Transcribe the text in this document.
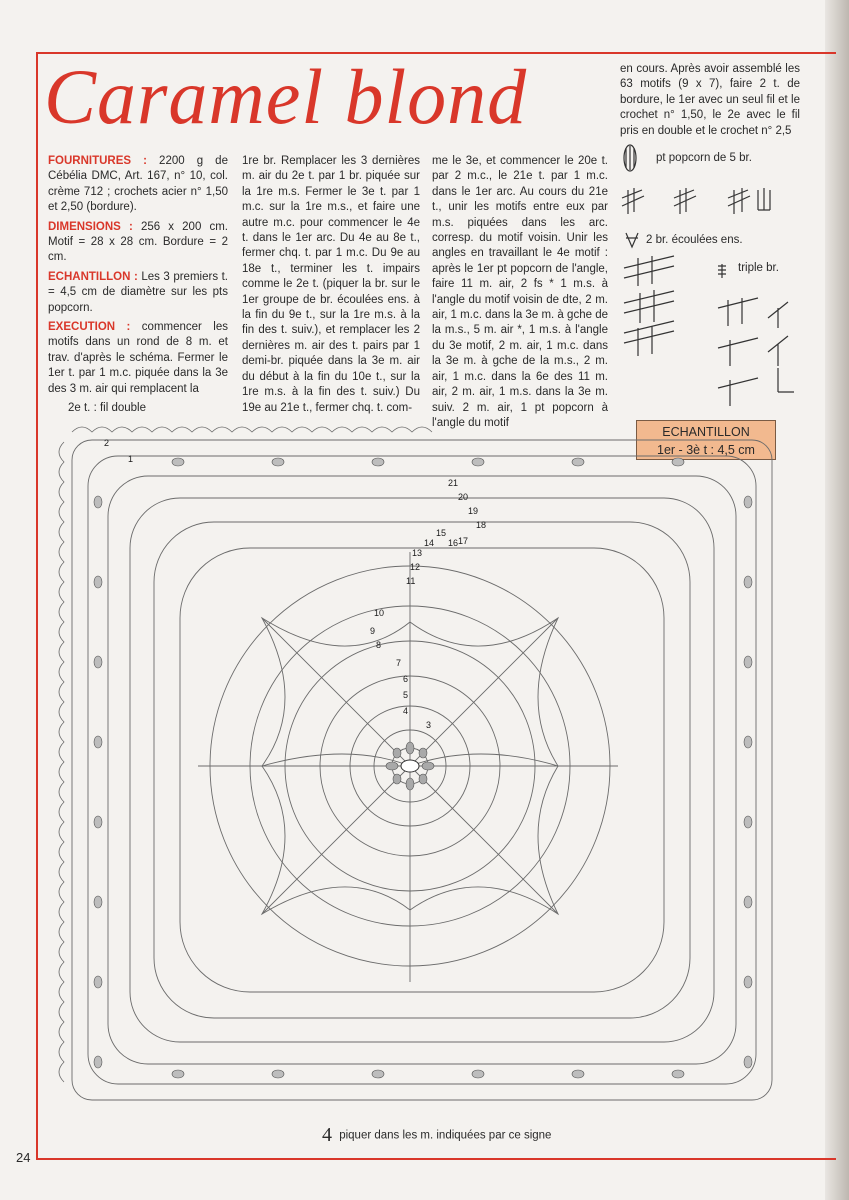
Caramel blond

FOURNITURES : 2200 g de Cébélia DMC, Art. 167, n° 10, col. crème 712 ; crochets acier n° 1,50 et 2,50 (bordure).

DIMENSIONS : 256 x 200 cm. Motif = 28 x 28 cm. Bordure = 2 cm.

ECHANTILLON : Les 3 premiers t. = 4,5 cm de diamètre sur les pts popcorn.

EXECUTION : commencer les motifs dans un rond de 8 m. et trav. d'après le schéma. Fermer le 1er t. par 1 m.c. piquée dans la 3e des 3 m. air qui remplacent la

1re br. Remplacer les 3 dernières m. air du 2e t. par 1 br. piquée sur la 1re m.s. Fermer le 3e t. par 1 m.c. sur la 1re m.s., et faire une autre m.c. pour commencer le 4e t. dans le 1er arc. Du 4e au 8e t., fermer chq. t. par 1 m.c. Du 9e au 18e t., terminer les t. impairs comme le 2e t. (piquer la br. sur le 1er groupe de br. écoulées ens. à la fin du 9e t., sur la 1re m.s. à la fin des t. suiv.), et remplacer les 2 dernières m. air des t. pairs par 1 demi-br. piquée dans la 3e m. air du début à la fin du 10e t., sur la 1re m.s. à la fin des t. suiv.) Du 19e au 21e t., fermer chq. t. com-
me le 3e, et commencer le 20e t. par 2 m.c., le 21e t. par 1 m.c. dans le 1er arc. Au cours du 21e t., unir les motifs entre eux par m.s. piquées dans les arc. corresp. du motif voisin. Unir les angles en travaillant le 4e motif : après le 1er pt popcorn de l'angle, faire 11 m. air, 2 fs * 1 m.s. à l'angle du motif voisin de dte, 2 m. air, 1 m.c. dans la 3e m. à gche de la m.s., 5 m. air *, 1 m.s. à l'angle du 3e motif, 2 m. air, 1 m.c. dans la 3e m. à gche de la m.s., 2 m. air, 1 m.c. dans la 6e des 11 m. air, 2 m. air, 1 m.s. dans la 3e m. suiv. 2 m. air, 1 pt popcorn à l'angle du motif
en cours. Après avoir assemblé les 63 motifs (9 x 7), faire 2 t. de bordure, le 1er avec un seul fil et le crochet n° 1,50, le 2e avec le fil pris en double et le crochet n° 2,5
pt popcorn de 5 br.
2 br. écoulées ens.
triple br.
ECHANTILLON
1er - 3è t : 4,5 cm
2e t. : fil double
2
1
3
4
5
6
7
8
9
10
11
12
13
14
15
16 17
18
19
20
21
4 piquer dans les m. indiquées par ce signe
24
